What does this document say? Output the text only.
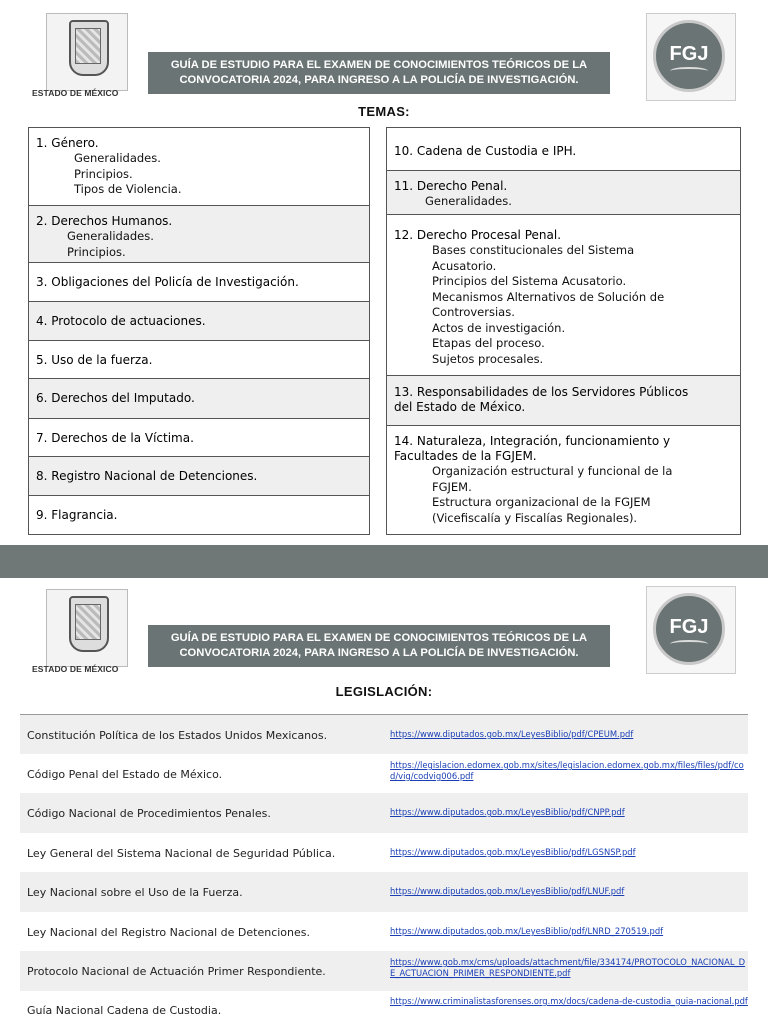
ESTADO DE MÉXICO
GUÍA DE ESTUDIO PARA EL EXAMEN DE CONOCIMIENTOS TEÓRICOS DE LA
CONVOCATORIA 2024, PARA INGRESO A LA POLICÍA DE INVESTIGACIÓN.
FGJ
TEMAS:
1. Género.
Generalidades.
Principios.
Tipos de Violencia.
2. Derechos Humanos.
Generalidades.
Principios.
3. Obligaciones del Policía de Investigación.
4. Protocolo de actuaciones.
5. Uso de la fuerza.
6. Derechos del Imputado.
7. Derechos de la Víctima.
8. Registro Nacional de Detenciones.
9. Flagrancia.
10. Cadena de Custodia e IPH.
11. Derecho Penal.
Generalidades.
12. Derecho Procesal Penal.
Bases constitucionales del Sistema
Acusatorio.
Principios del Sistema Acusatorio.
Mecanismos Alternativos de Solución de
Controversias.
Actos de investigación.
Etapas del proceso.
Sujetos procesales.
13. Responsabilidades de los Servidores Públicos
del Estado de México.
14. Naturaleza, Integración, funcionamiento y
Facultades de la FGJEM.
Organización estructural y funcional de la
FGJEM.
Estructura organizacional de la FGJEM
(Vicefiscalía y Fiscalías Regionales).
ESTADO DE MÉXICO
GUÍA DE ESTUDIO PARA EL EXAMEN DE CONOCIMIENTOS TEÓRICOS DE LA
CONVOCATORIA 2024, PARA INGRESO A LA POLICÍA DE INVESTIGACIÓN.
FGJ
LEGISLACIÓN:
Constitución Política de los Estados Unidos Mexicanos.	https://www.diputados.gob.mx/LeyesBiblio/pdf/CPEUM.pdf
Código Penal del Estado de México.
https://legislacion.edomex.gob.mx/sites/legislacion.edomex.gob.mx/files/files/pdf/cod/vig/codvig006.pdf
Código Nacional de Procedimientos Penales.	https://www.diputados.gob.mx/LeyesBiblio/pdf/CNPP.pdf
Ley General del Sistema Nacional de Seguridad Pública.	https://www.diputados.gob.mx/LeyesBiblio/pdf/LGSNSP.pdf
Ley Nacional sobre el Uso de la Fuerza.	https://www.diputados.gob.mx/LeyesBiblio/pdf/LNUF.pdf
Ley Nacional del Registro Nacional de Detenciones.	https://www.diputados.gob.mx/LeyesBiblio/pdf/LNRD_270519.pdf
Protocolo Nacional de Actuación Primer Respondiente.
https://www.gob.mx/cms/uploads/attachment/file/334174/PROTOCOLO_NACIONAL_DE_ACTUACION_PRIMER_RESPONDIENTE.pdf
Guía Nacional Cadena de Custodia.
https://www.criminalistasforenses.org.mx/docs/cadena-de-custodia_guia-nacional.pdf
